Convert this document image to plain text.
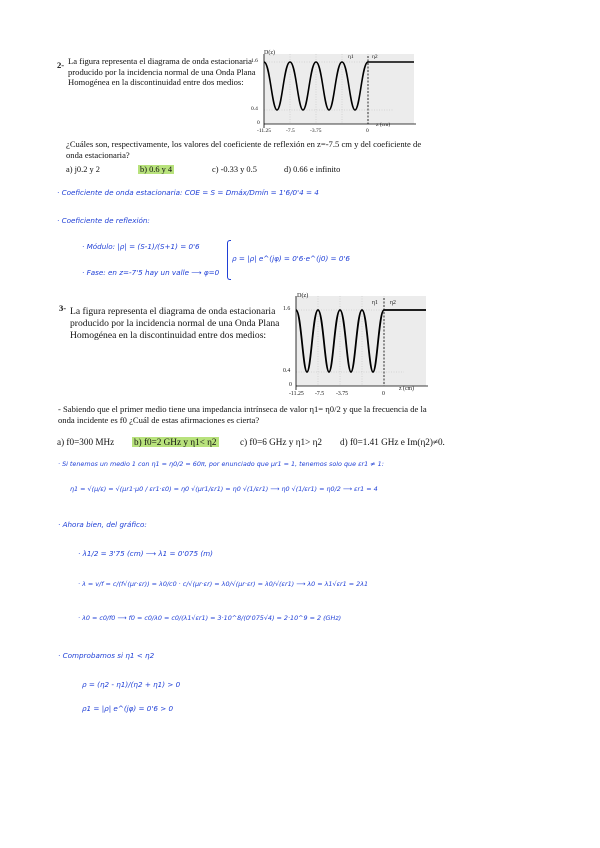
2- La figura representa el diagrama de onda estacionaria
producido por la incidencia normal de una Onda Plana
Homogénea en la discontinuidad entre dos medios:
D(z)
1.6
0.4
0
-11.25	-7.5	-3.75	0
z (cm)
η1	η2
¿Cuáles son, respectivamente, los valores del coeficiente de reflexión en z=-7.5 cm y del coeficiente de
onda estacionaria?
a) j0.2 y 2	b) 0.6 y 4	c) -0.33 y 0.5	d) 0.66 e infinito
· Coeficiente de onda estacionaria: COE = S = Dmáx/Dmín = 1'6/0'4 = 4
· Coeficiente de reflexión:
· Módulo: |ρ| = (S-1)/(S+1) = 0'6
· Fase: en z=-7'5 hay un valle ⟶ φ=0
ρ = |ρ| e^(jφ) = 0'6·e^(j0) = 0'6
3- La figura representa el diagrama de onda estacionaria
producido por la incidencia normal de una Onda Plana
Homogénea en la discontinuidad entre dos medios:
D(z)
1.6
0.4
0
-11.25 -7.5 -3.75	0
z (cm)
η1 η2
- Sabiendo que el primer medio tiene una impedancia intrínseca de valor η1= η0/2 y que la frecuencia de la
onda incidente es f0 ¿Cuál de estas afirmaciones es cierta?
a) f0=300 MHz b) f0=2 GHz y η1< η2	c) f0=6 GHz y η1> η2 d) f0=1.41 GHz e Im(η2)≠0.
· Si tenemos un medio 1 con η1 = η0/2 = 60π, por enunciado que μr1 = 1, tenemos solo que εr1 ≠ 1:
η1 = √(μ/ε) = √(μr1·μ0 / εr1·ε0) = η0 √(μr1/εr1) = η0 √(1/εr1) ⟶ η0 √(1/εr1) = η0/2 ⟶ εr1 = 4
· Ahora bien, del gráfico:
· λ1/2 = 3'75 (cm) ⟶ λ1 = 0'075 (m)
· λ = v/f = c/(f√(μr·εr)) = λ0/c0 · c/√(μr·εr) = λ0/√(μr·εr) = λ0/√(εr1) ⟶ λ0 = λ1√εr1 = 2λ1
· λ0 = c0/f0 ⟶ f0 = c0/λ0 = c0/(λ1√εr1) = 3·10^8/(0'075√4) = 2·10^9 = 2 (GHz)
· Comprobamos si η1 < η2
ρ = (η2 - η1)/(η2 + η1) > 0
ρ1 = |ρ| e^(jφ) = 0'6 > 0
